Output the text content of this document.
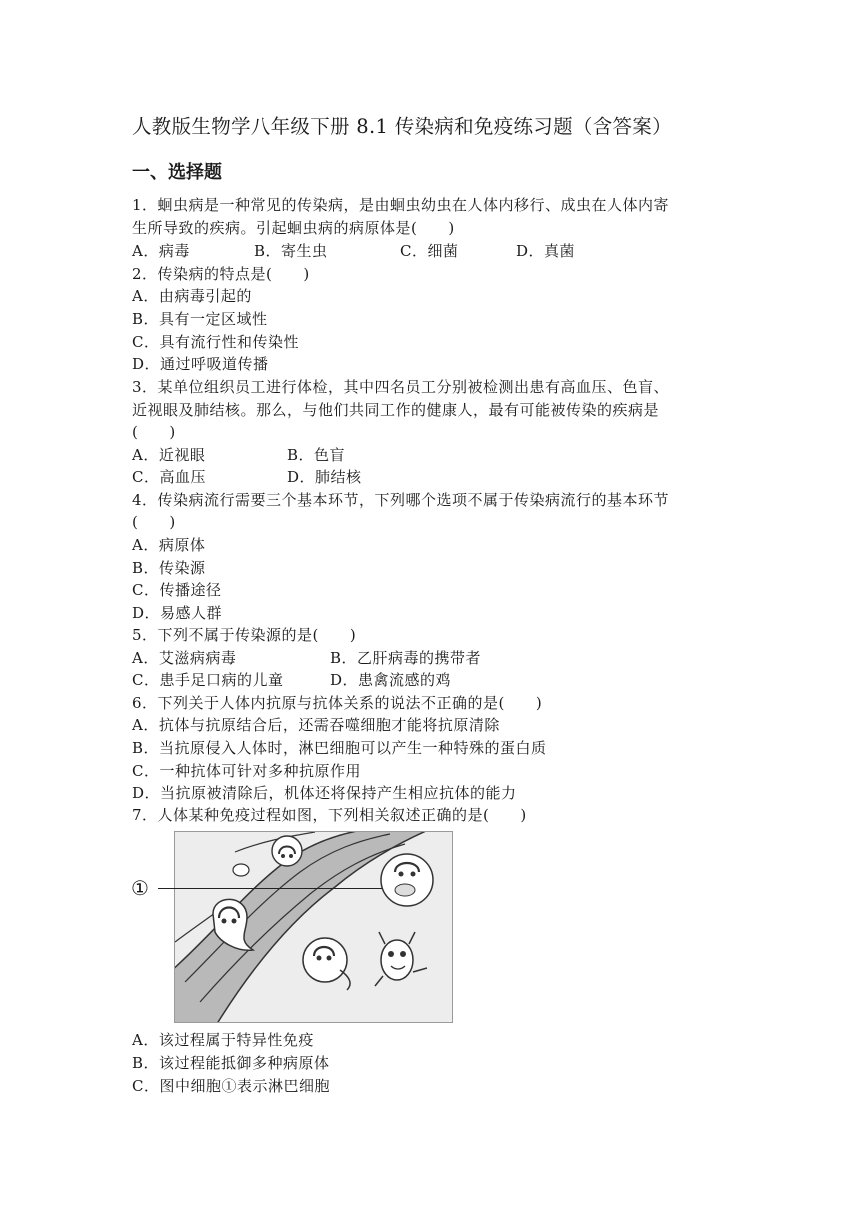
人教版生物学八年级下册 8.1 传染病和免疫练习题（含答案）
一、选择题
1．蛔虫病是一种常见的传染病，是由蛔虫幼虫在人体内移行、成虫在人体内寄
生所导致的疾病。引起蛔虫病的病原体是(　　)
A．病毒	B．寄生虫	C．细菌	D．真菌
2．传染病的特点是(　　)
A．由病毒引起的
B．具有一定区域性
C．具有流行性和传染性
D．通过呼吸道传播
3．某单位组织员工进行体检，其中四名员工分别被检测出患有高血压、色盲、
近视眼及肺结核。那么，与他们共同工作的健康人，最有可能被传染的疾病是
(　　)
A．近视眼	B．色盲
C．高血压	D．肺结核
4．传染病流行需要三个基本环节，下列哪个选项不属于传染病流行的基本环节
(　　)
A．病原体
B．传染源
C．传播途径
D．易感人群
5．下列不属于传染源的是(　　)
A．艾滋病病毒	B．乙肝病毒的携带者
C．患手足口病的儿童	D．患禽流感的鸡
6．下列关于人体内抗原与抗体关系的说法不正确的是(　　)
A．抗体与抗原结合后，还需吞噬细胞才能将抗原清除
B．当抗原侵入人体时，淋巴细胞可以产生一种特殊的蛋白质
C．一种抗体可针对多种抗原作用
D．当抗原被清除后，机体还将保持产生相应抗体的能力
7．人体某种免疫过程如图，下列相关叙述正确的是(　　)
①
A．该过程属于特异性免疫
B．该过程能抵御多种病原体
C．图中细胞①表示淋巴细胞
